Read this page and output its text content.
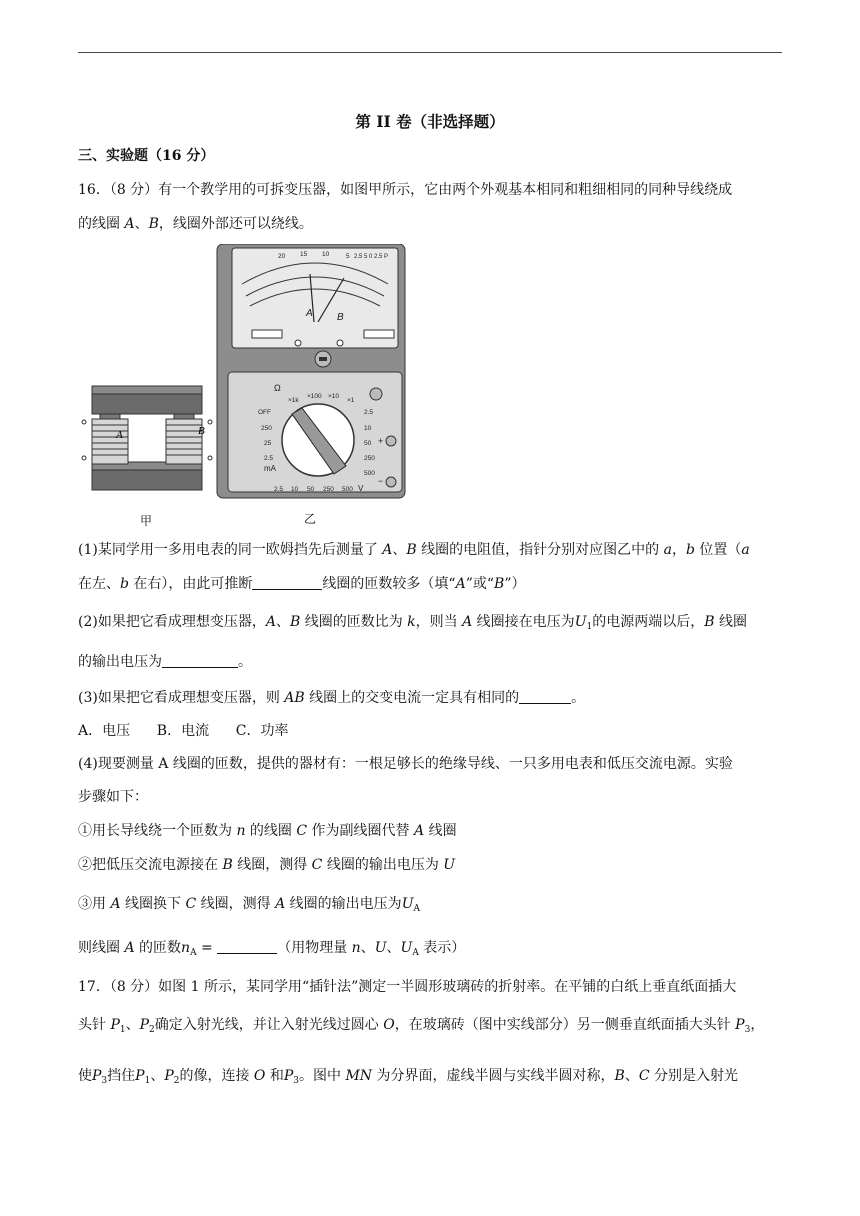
第 II 卷（非选择题）
三、实验题（16 分）
16．（8 分）有一个教学用的可拆变压器，如图甲所示，它由两个外观基本相同和粗细相同的同种导线绕成
的线圈 A、B，线圈外部还可以绕线。
A	B
20 15 10	5 2.5 5 0 2.5 P
A B
Ω
×1k
×100 ×10
×1
OFF
250
25
2.5
mA
2.5
10
50
250
500
2.5 10 50 250 500 V
+
−
甲	乙
(1)某同学用一多用电表的同一欧姆挡先后测量了 A、B 线圈的电阻值，指针分别对应图乙中的 a，b 位置（a
在左、b 在右），由此可推断	线圈的匝数较多（填“A”或“B”）
(2)如果把它看成理想变压器，A、B 线圈的匝数比为 k，则当 A 线圈接在电压为$U_1$的电源两端以后，B 线圈
的输出电压为	。
(3)如果把它看成理想变压器，则 AB 线圈上的交变电流一定具有相同的	。
A．电压      B．电流      C．功率
(4)现要测量 A 线圈的匝数，提供的器材有：一根足够长的绝缘导线、一只多用电表和低压交流电源。实验
步骤如下：
①用长导线绕一个匝数为 n 的线圈 C 作为副线圈代替 A 线圈
②把低压交流电源接在 B 线圈，测得 C 线圈的输出电压为 U
③用 A 线圈换下 C 线圈，测得 A 线圈的输出电压为$U_A$
则线圈 A 的匝数$n_A$ =	（用物理量 n、U、$U_A$ 表示）
17．（8 分）如图 1 所示，某同学用“插针法”测定一半圆形玻璃砖的折射率。在平铺的白纸上垂直纸面插大
头针 $P_1$、$P_2$确定入射光线，并让入射光线过圆心 O，在玻璃砖（图中实线部分）另一侧垂直纸面插大头针 $P_3$，
使$P_3$挡住$P_1$、$P_2$的像，连接 O 和$P_3$。图中 MN 为分界面，虚线半圆与实线半圆对称，B、C 分别是入射光
